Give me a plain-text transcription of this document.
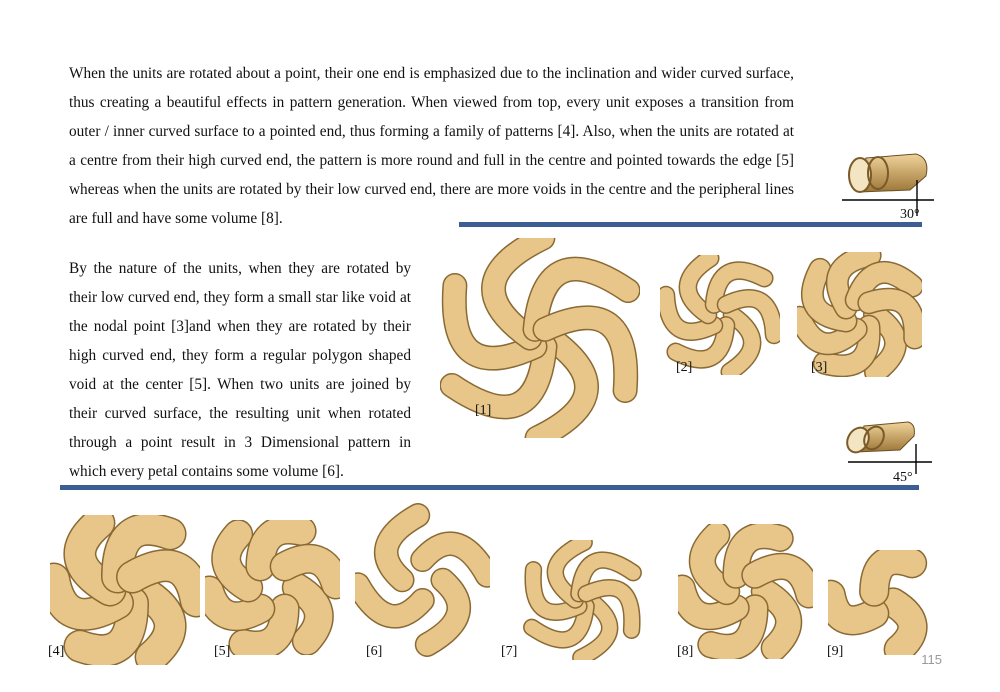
When the units are rotated about a point, their one end is emphasized due to the inclination and wider curved surface, thus creating a beautiful effects in pattern generation. When viewed from top, every unit exposes a transition from outer / inner curved surface to a pointed end, thus forming a family of patterns [4]. Also, when the units are rotated at a centre from their high curved end, the pattern is more round and full in the centre and pointed towards the edge [5] whereas when the units are rotated by their low curved end, there are more voids in the centre and the peripheral lines are full and have some volume [8].
By the nature of the units, when they are rotated by their low curved end, they form a small star like void at the nodal point [3]and when they are rotated by their high curved end, they form a regular polygon shaped void at the center [5]. When two units are joined by their curved surface, the resulting unit when rotated through a point result in 3 Dimensional pattern in which every petal contains some volume [6].
30°
45°
[1]
[2]	[3]
[4]	[5]	[6]	[7]	[8]	[9]
115
